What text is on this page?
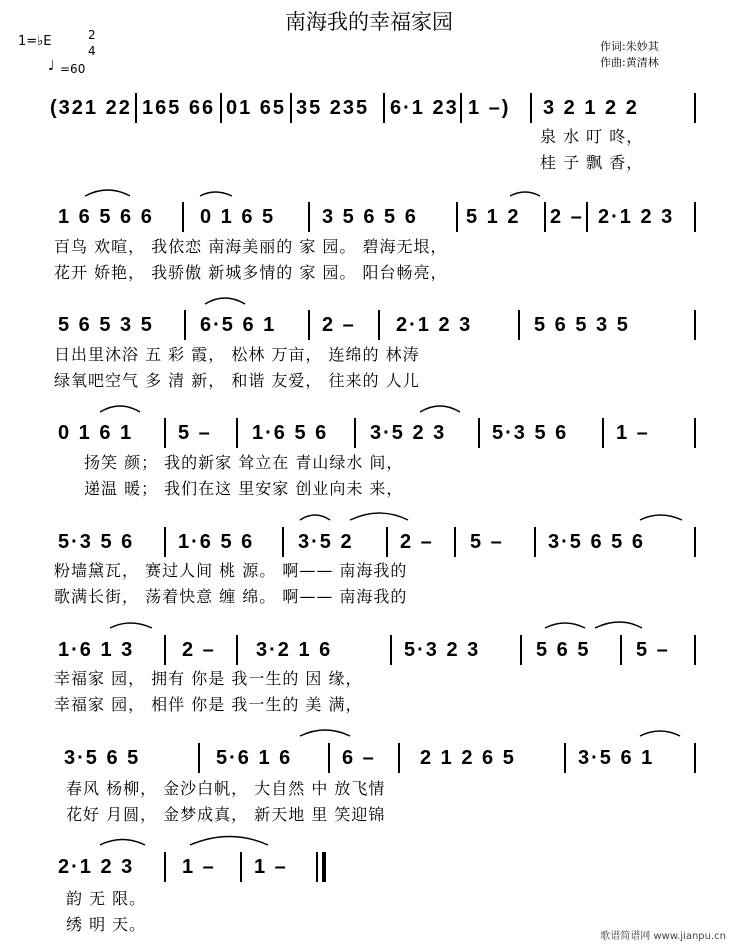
南海我的幸福家园
1=♭E	2
4
♩ =60
作词:朱妙其
作曲:黄清林
(321 22 165 66 01 65 35 235 6·1 23 1 –) 3 2 1 2 2
1 6 5 6 6 0 1 6 5 3 5 6 5 6 5 1 2 2 – 2·1 2 3
5 6 5 3 5 6·5 6 1 2 – 2·1 2 3	5 6 5 3 5
0 1 6 1 5 – 1·6 5 6 3·5 2 3 5·3 5 6 1 –
5·3 5 6 1·6 5 6 3·5 2 2 – 5 – 3·5 6 5 6
1·6 1 3 2 – 3·2 1 6	5·3 2 3	5 6 5 5 –
3·5 6 5	5·6 1 6 6 – 2 1 2 6 5	3·5 6 1
2·1 2 3 1 – 1 –
泉 水 叮 咚，
桂 子 飘 香，
百鸟 欢喧， 我依恋 南海美丽的 家 园。 碧海无垠，
花开 娇艳， 我骄傲 新城多情的 家 园。 阳台畅亮，
日出里沐浴 五 彩 霞， 松林 万亩， 连绵的 林涛
绿氧吧空气 多 清 新， 和谐 友爱， 往来的 人儿
扬笑 颜； 我的新家 耸立在 青山绿水 间，
递温 暖； 我们在这 里安家 创业向未 来，
粉墙黛瓦， 赛过人间 桃 源。 啊—— 南海我的
歌满长街， 荡着快意 缠 绵。 啊—— 南海我的
幸福家 园， 拥有 你是 我一生的 因 缘，
幸福家 园， 相伴 你是 我一生的 美 满，
春风 杨柳， 金沙白帆， 大自然 中 放飞情
花好 月圆， 金梦成真， 新天地 里 笑迎锦
韵 无 限。
绣 明 天。
歌谱简谱网 www.jianpu.cn
